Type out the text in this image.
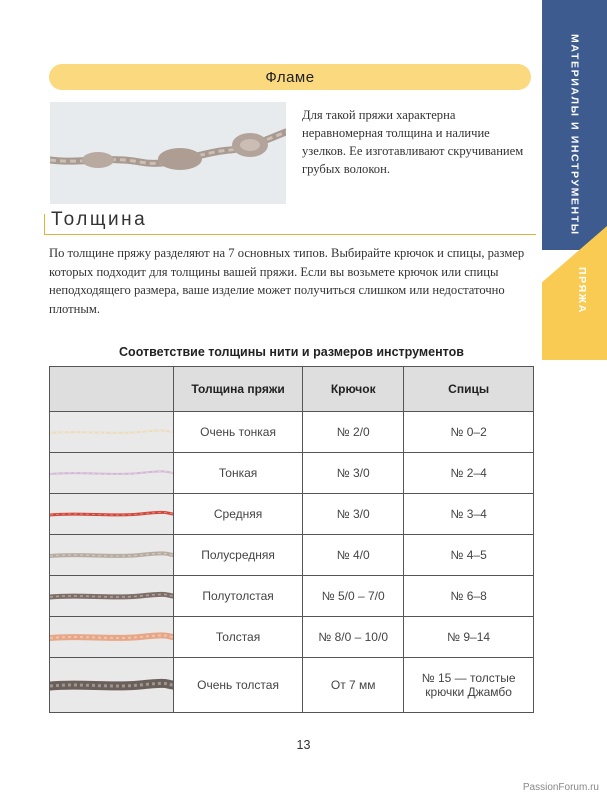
МАТЕРИАЛЫ И ИНСТРУМЕНТЫ
ПРЯЖА
Фламе
Для такой пряжи характерна неравномерная толщина и наличие узелков. Ее изготавливают скручиванием грубых волокон.
Толщина
По толщине пряжу разделяют на 7 основных типов. Выбирайте крючок и спицы, размер которых подходит для толщины вашей пряжи. Если вы возьмете крючок или спицы неподходящего размера, ваше изделие может получиться слишком или недостаточно плотным.
Соответствие толщины нити и размеров инструментов
	Толщина пряжи	Крючок	Спицы

	Очень тонкая	№ 2/0	№ 0–2

	Тонкая	№ 3/0	№ 2–4

	Средняя	№ 3/0	№ 3–4

	Полусредняя	№ 4/0	№ 4–5

	Полутолстая	№ 5/0 – 7/0	№ 6–8

	Толстая	№ 8/0 – 10/0	№ 9–14

	Очень толстая	От 7 мм	№ 15 — толстые крючки Джамбо
13
PassionForum.ru
